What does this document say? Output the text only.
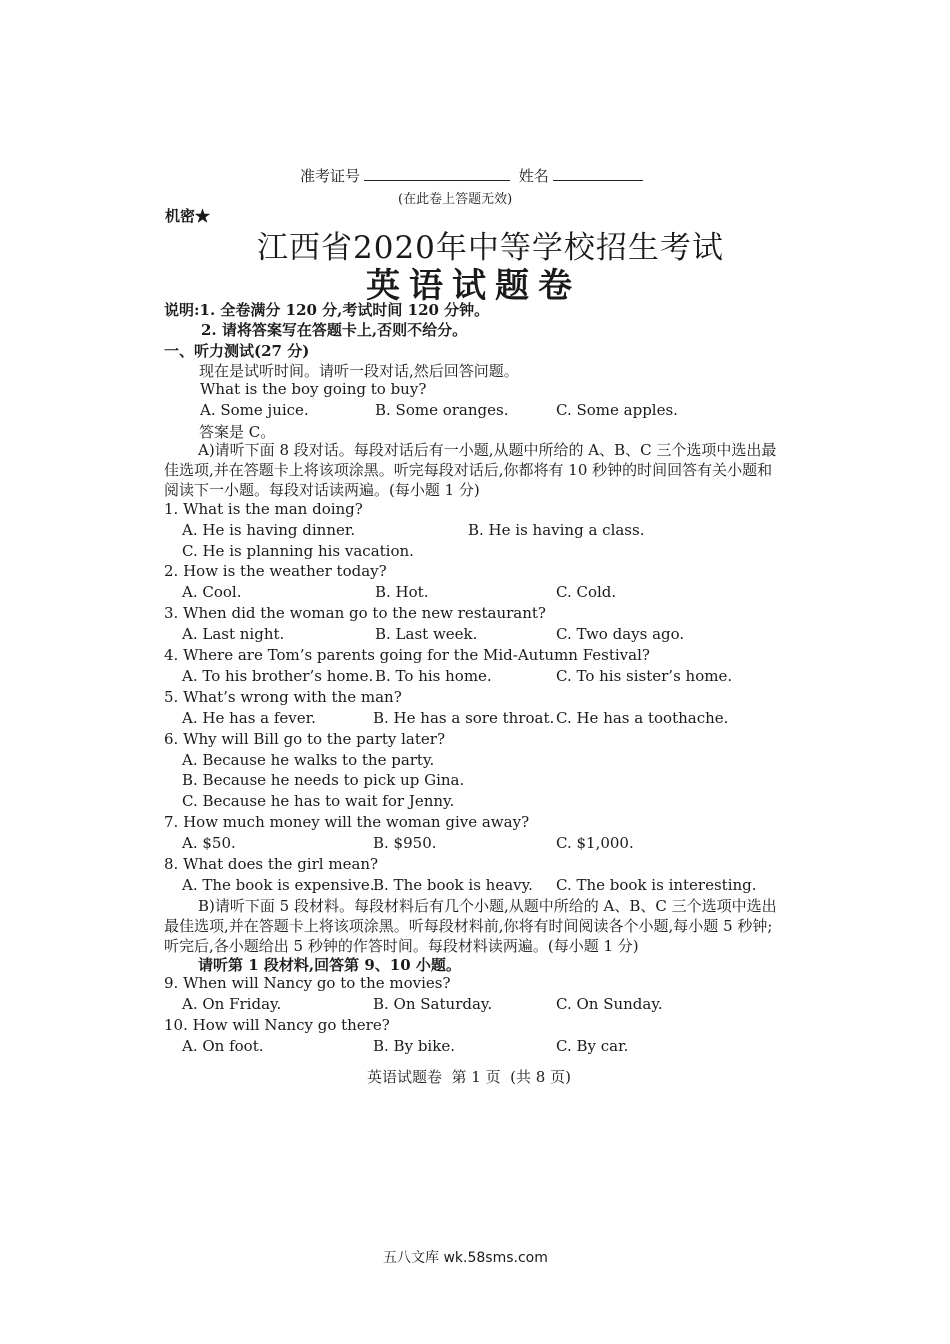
准考证号	姓名
(在此卷上答题无效)
机密★
江西省2020年中等学校招生考试
英语试题卷
说明:1. 全卷满分 120 分,考试时间 120 分钟。
2. 请将答案写在答题卡上,否则不给分。
一、听力测试(27 分)
现在是试听时间。请听一段对话,然后回答问题。
What is the boy going to buy?
A. Some juice.	B. Some oranges.	C. Some apples.
答案是 C。
A)请听下面 8 段对话。每段对话后有一小题,从题中所给的 A、B、C 三个选项中选出最佳选项,并在答题卡上将该项涂黑。听完每段对话后,你都将有 10 秒钟的时间回答有关小题和阅读下一小题。每段对话读两遍。(每小题 1 分)
1. What is the man doing?
A. He is having dinner.	B. He is having a class.
C. He is planning his vacation.
2. How is the weather today?
A. Cool.	B. Hot.	C. Cold.
3. When did the woman go to the new restaurant?
A. Last night.	B. Last week.	C. Two days ago.
4. Where are Tom’s parents going for the Mid-Autumn Festival?
A. To his brother’s home. B. To his home.	C. To his sister’s home.
5. What’s wrong with the man?
A. He has a fever.	B. He has a sore throat. C. He has a toothache.
6. Why will Bill go to the party later?
A. Because he walks to the party.
B. Because he needs to pick up Gina.
C. Because he has to wait for Jenny.
7. How much money will the woman give away?
A. $50.	B. $950.	C. $1,000.
8. What does the girl mean?
A. The book is expensive.
B. The book is heavy. C. The book is interesting.
B)请听下面 5 段材料。每段材料后有几个小题,从题中所给的 A、B、C 三个选项中选出最佳选项,并在答题卡上将该项涂黑。听每段材料前,你将有时间阅读各个小题,每小题 5 秒钟;听完后,各小题给出 5 秒钟的作答时间。每段材料读两遍。(每小题 1 分)
请听第 1 段材料,回答第 9、10 小题。
9. When will Nancy go to the movies?
A. On Friday.	B. On Saturday.	C. On Sunday.
10. How will Nancy go there?
A. On foot.	B. By bike.	C. By car.
英语试题卷  第 1 页  (共 8 页)
五八文库 wk.58sms.com
